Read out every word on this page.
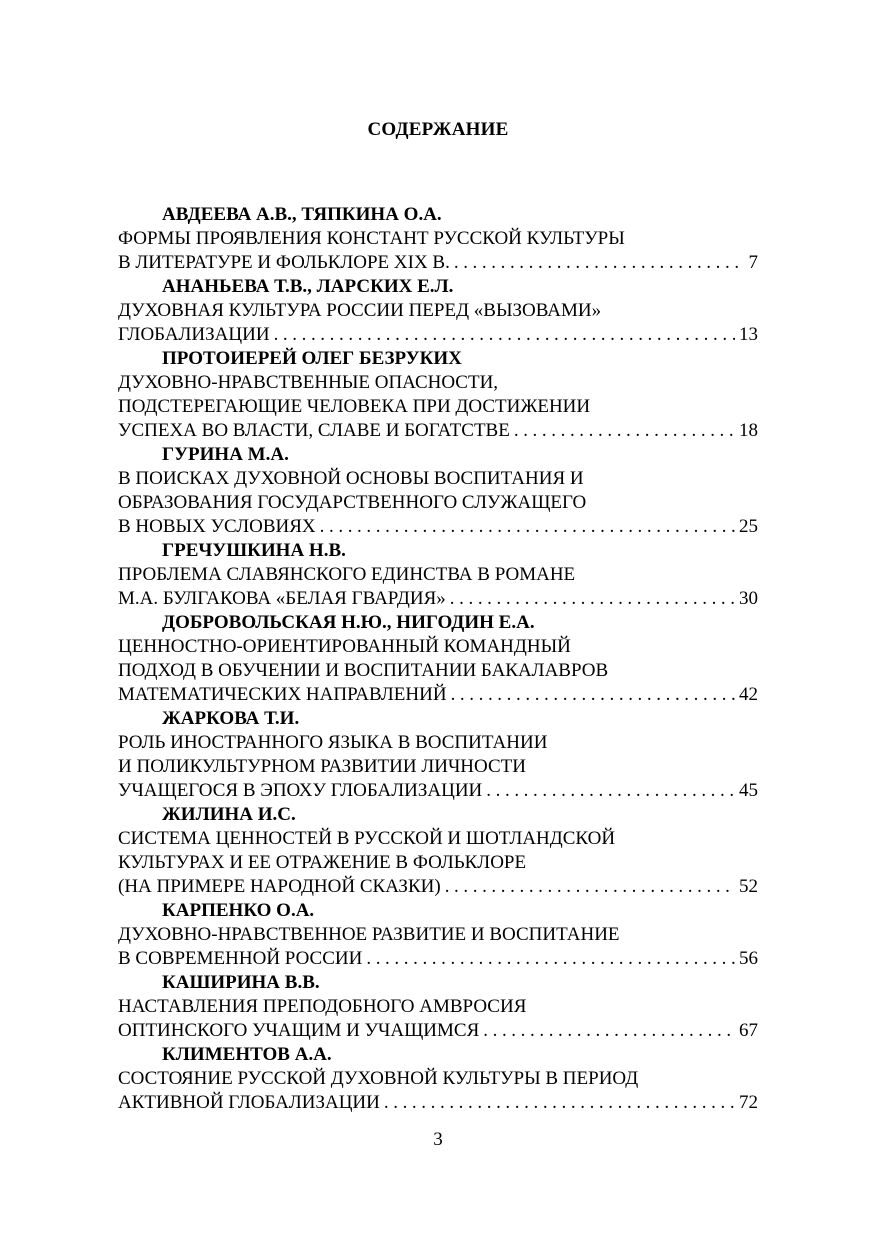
СОДЕРЖАНИЕ
АВДЕЕВА А.В., ТЯПКИНА О.А.
ФОРМЫ ПРОЯВЛЕНИЯ КОНСТАНТ РУССКОЙ КУЛЬТУРЫ
В ЛИТЕРАТУРЕ И ФОЛЬКЛОРЕ XIX В. .....	7
АНАНЬЕВА Т.В., ЛАРСКИХ Е.Л.
ДУХОВНАЯ КУЛЬТУРА РОССИИ ПЕРЕД «ВЫЗОВАМИ»
ГЛОБАЛИЗАЦИИ .....	13
ПРОТОИЕРЕЙ ОЛЕГ БЕЗРУКИХ
ДУХОВНО-НРАВСТВЕННЫЕ ОПАСНОСТИ,
ПОДСТЕРЕГАЮЩИЕ ЧЕЛОВЕКА ПРИ ДОСТИЖЕНИИ
УСПЕХА ВО ВЛАСТИ, СЛАВЕ И БОГАТСТВЕ .....	18
ГУРИНА М.А.
В ПОИСКАХ ДУХОВНОЙ ОСНОВЫ ВОСПИТАНИЯ И
ОБРАЗОВАНИЯ ГОСУДАРСТВЕННОГО СЛУЖАЩЕГО
В НОВЫХ УСЛОВИЯХ .....	25
ГРЕЧУШКИНА Н.В.
ПРОБЛЕМА СЛАВЯНСКОГО ЕДИНСТВА В РОМАНЕ
М.А. БУЛГАКОВА «БЕЛАЯ ГВАРДИЯ» .....	30
ДОБРОВОЛЬСКАЯ Н.Ю., НИГОДИН Е.А.
ЦЕННОСТНО-ОРИЕНТИРОВАННЫЙ КОМАНДНЫЙ
ПОДХОД В ОБУЧЕНИИ И ВОСПИТАНИИ БАКАЛАВРОВ
МАТЕМАТИЧЕСКИХ НАПРАВЛЕНИЙ .....	42
ЖАРКОВА Т.И.
РОЛЬ ИНОСТРАННОГО ЯЗЫКА В ВОСПИТАНИИ
И ПОЛИКУЛЬТУРНОМ РАЗВИТИИ ЛИЧНОСТИ
УЧАЩЕГОСЯ В ЭПОХУ ГЛОБАЛИЗАЦИИ .....	45
ЖИЛИНА И.С.
СИСТЕМА ЦЕННОСТЕЙ В РУССКОЙ И ШОТЛАНДСКОЙ
КУЛЬТУРАХ И ЕЕ ОТРАЖЕНИЕ В ФОЛЬКЛОРЕ
(НА ПРИМЕРЕ НАРОДНОЙ СКАЗКИ) .....	52
КАРПЕНКО О.А.
ДУХОВНО-НРАВСТВЕННОЕ РАЗВИТИЕ И ВОСПИТАНИЕ
В СОВРЕМЕННОЙ РОССИИ .....	56
КАШИРИНА В.В.
НАСТАВЛЕНИЯ ПРЕПОДОБНОГО АМВРОСИЯ
ОПТИНСКОГО УЧАЩИМ И УЧАЩИМСЯ .....	67
КЛИМЕНТОВ А.А.
СОСТОЯНИЕ РУССКОЙ ДУХОВНОЙ КУЛЬТУРЫ В ПЕРИОД
АКТИВНОЙ ГЛОБАЛИЗАЦИИ .....	72
3
